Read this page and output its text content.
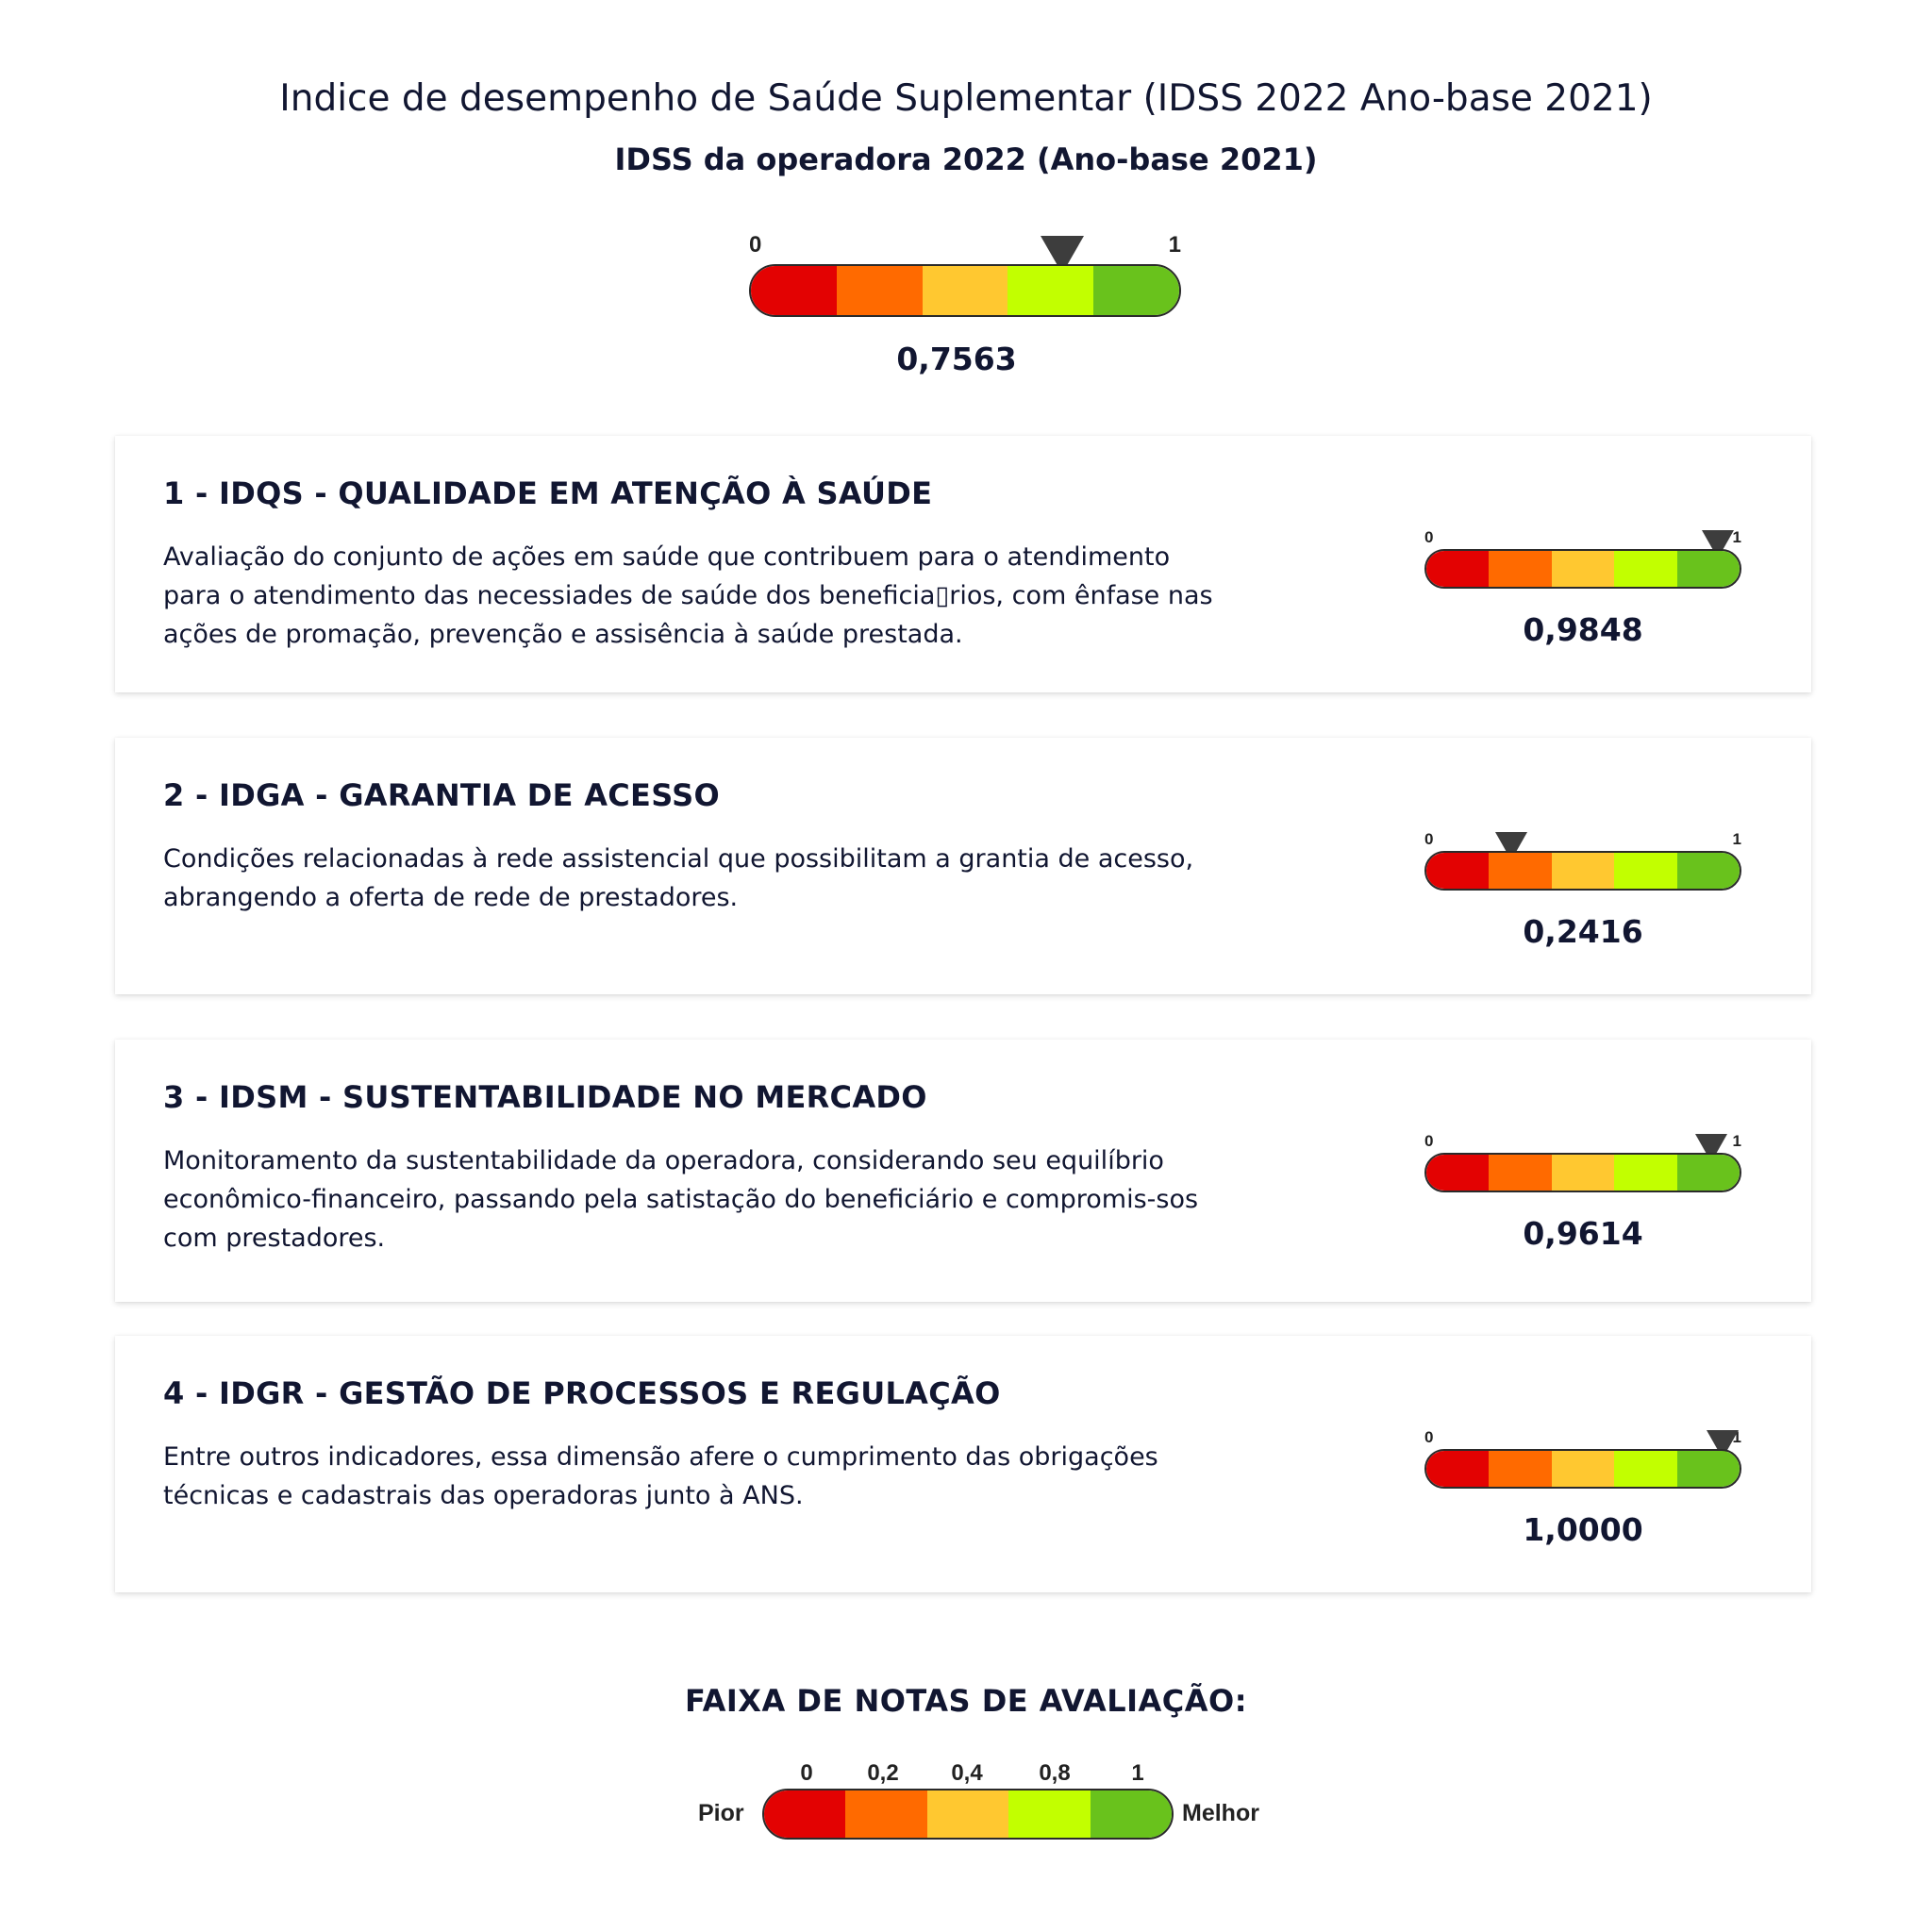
Indice de desempenho de Saúde Suplementar (IDSS 2022 Ano-base 2021)
IDSS da operadora 2022 (Ano-base 2021)
0	1
0,7563
1 - IDQS - QUALIDADE EM ATENÇÃO À SAÚDE
Avaliação do conjunto de ações em saúde que contribuem para o atendimento para o atendimento das necessiades de saúde dos beneficia▯rios, com ênfase nas ações de promação, prevenção e assisência à saúde prestada.
0	1
0,9848
2 - IDGA - GARANTIA DE ACESSO
Condições relacionadas à rede assistencial que possibilitam a grantia de acesso, abrangendo a oferta de rede de prestadores.
0	1
0,2416
3 - IDSM - SUSTENTABILIDADE NO MERCADO
Monitoramento da sustentabilidade da operadora, considerando seu equilíbrio econômico-financeiro, passando pela satistação do beneficiário e compromis-sos com prestadores.
0	1
0,9614
4 - IDGR - GESTÃO DE PROCESSOS E REGULAÇÃO
Entre outros indicadores, essa dimensão afere o cumprimento das obrigações técnicas e cadastrais das operadoras junto à ANS.
0	1
1,0000
FAIXA DE NOTAS DE AVALIAÇÃO:
Pior	Melhor
0 0,2 0,4 0,8	1
